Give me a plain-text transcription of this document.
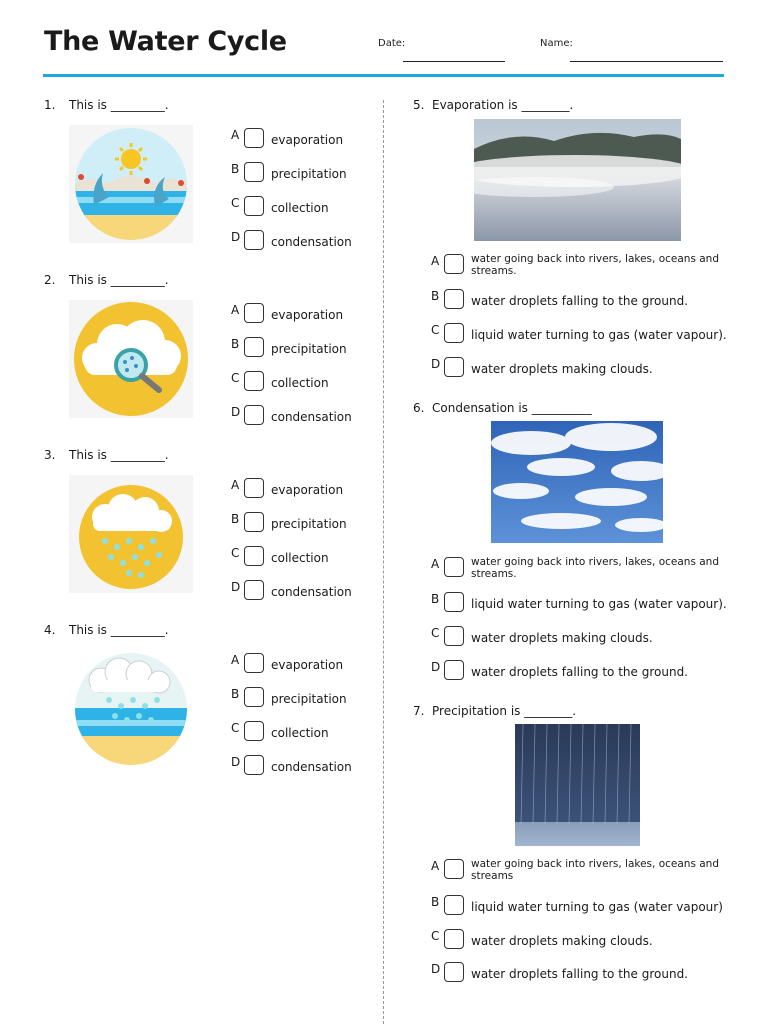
The Water Cycle	Date:	Name:
1. This is _________.
A	evaporation
B	precipitation
C	collection
D	condensation
2. This is _________.
A	evaporation
B	precipitation
C	collection
D	condensation
3. This is _________.
A	evaporation
B	precipitation
C	collection
D	condensation
4. This is _________.
A	evaporation
B	precipitation
C	collection
D	condensation
5. Evaporation is ________.
A	water going back into rivers, lakes, oceans and streams.
B	water droplets falling to the ground.
C	liquid water turning to gas (water vapour).
D	water droplets making clouds.
6. Condensation is __________
A	water going back into rivers, lakes, oceans and streams.
B	liquid water turning to gas (water vapour).
C	water droplets making clouds.
D	water droplets falling to the ground.
7. Precipitation is ________.
A	water going back into rivers, lakes, oceans and streams
B	liquid water turning to gas (water vapour)
C	water droplets making clouds.
D	water droplets falling to the ground.
